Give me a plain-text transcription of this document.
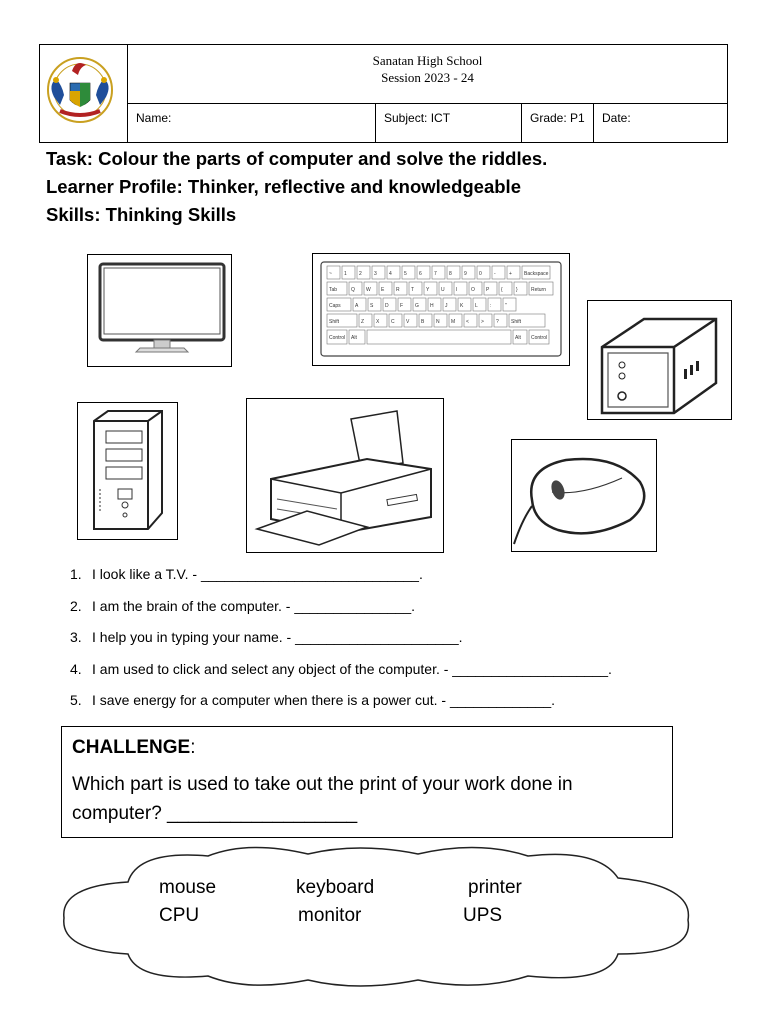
Sanatan High School
Session 2023 - 24
Name:	Subject: ICT	Grade: P1	Date:
Task: Colour the parts of computer and solve the riddles.
Learner Profile: Thinker, reflective and knowledgeable
Skills: Thinking Skills
~ 1 2 3 4 5 6 7 8 9 0 -	+ Backspace
Tab	Q W E R T Y U I	O P {	}	Return
Caps	A S D F G H J	K L :	"
Shift	Z X C V B N M < > ? Shift
Control Alt	Alt Control
1. I look like a T.V. - ____________________________.
2. I am the brain of the computer. - _______________.
3. I help you in typing your name. - _____________________.
4. I am used to click and select any object of the computer. - ____________________.
5. I save energy for a computer when there is a power cut. - _____________.
CHALLENGE:
Which part is used to take out the print of your work done in
computer? __________________
mouse	keyboard	printer
CPU	monitor	UPS
